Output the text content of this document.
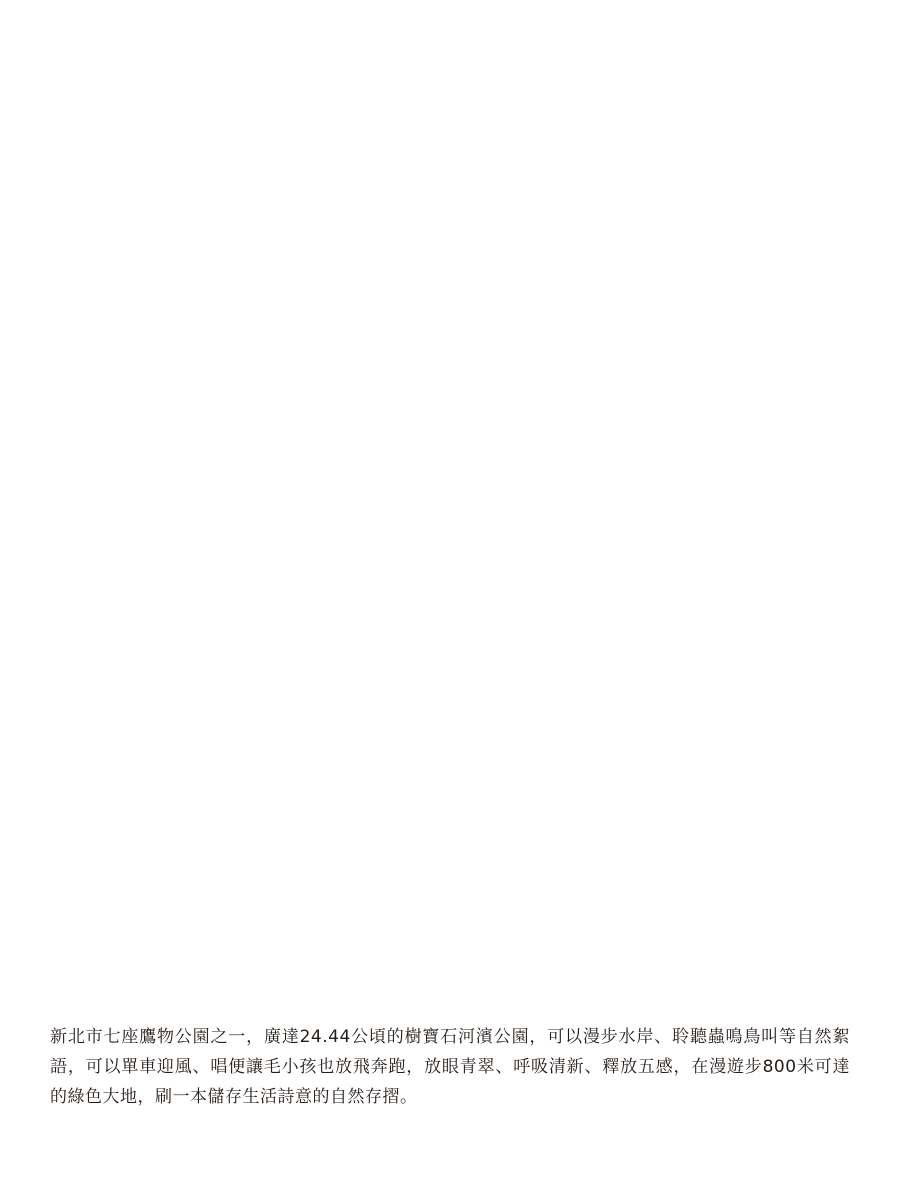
新北市七座鷹物公園之一，廣達24.44公頃的樹寶石河濱公園，可以漫步水岸、聆聽蟲鳴鳥叫等自然絮語，可以單車迎風、唱便讓毛小孩也放飛奔跑，放眼青翠、呼吸清新、釋放五感，在漫遊步800米可達的綠色大地，刷一本儲存生活詩意的自然存摺。
